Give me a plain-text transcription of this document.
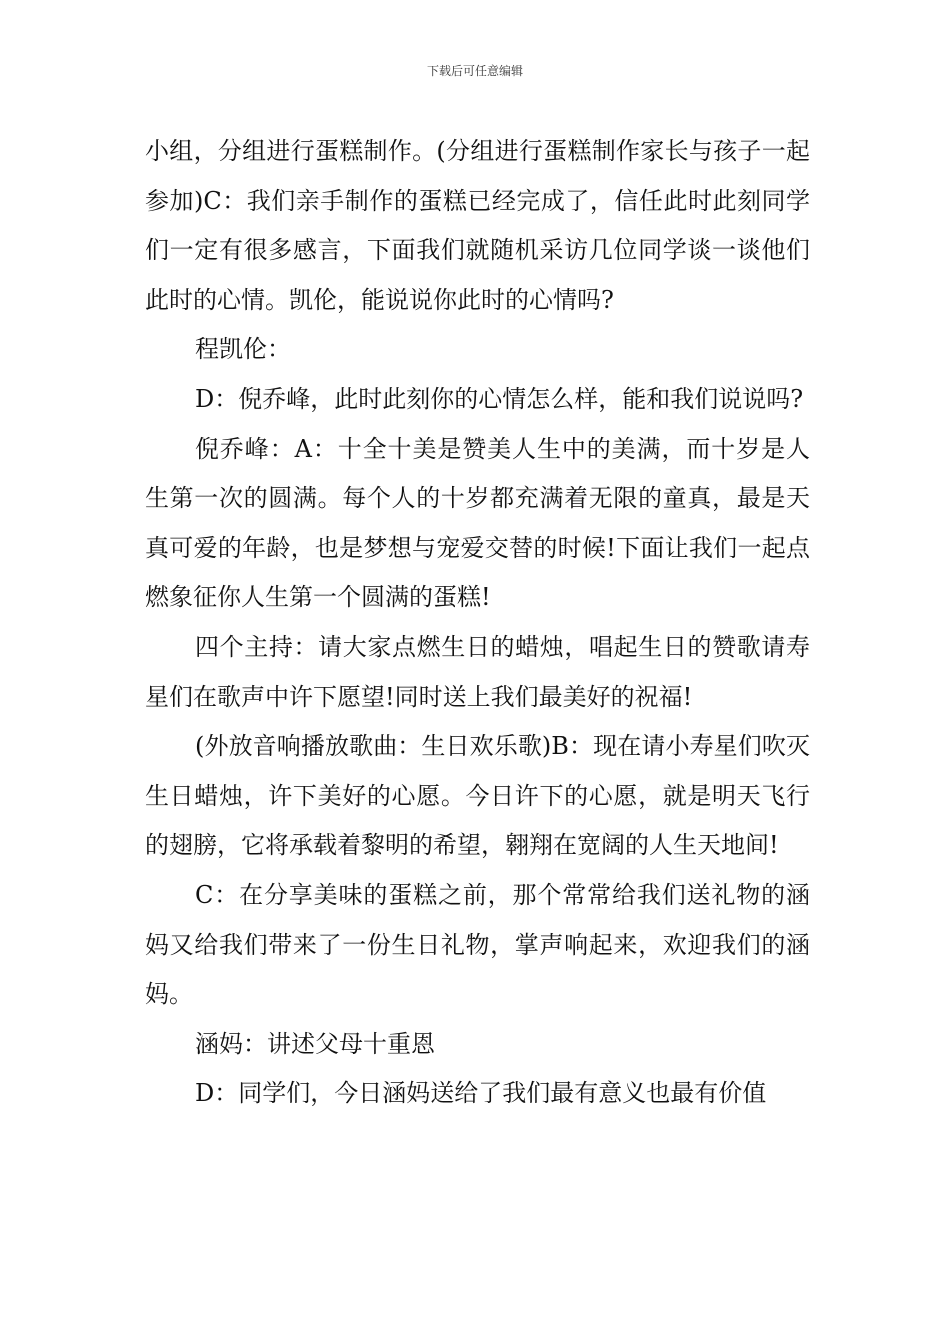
下载后可任意编辑

小组，分组进行蛋糕制作。(分组进行蛋糕制作家长与孩子一起参加)C：我们亲手制作的蛋糕已经完成了，信任此时此刻同学们一定有很多感言，下面我们就随机采访几位同学谈一谈他们此时的心情。凯伦，能说说你此时的心情吗?

程凯伦：

D：倪乔峰，此时此刻你的心情怎么样，能和我们说说吗?

倪乔峰：A：十全十美是赞美人生中的美满，而十岁是人生第一次的圆满。每个人的十岁都充满着无限的童真，最是天真可爱的年龄，也是梦想与宠爱交替的时候!下面让我们一起点燃象征你人生第一个圆满的蛋糕!

四个主持：请大家点燃生日的蜡烛，唱起生日的赞歌请寿星们在歌声中许下愿望!同时送上我们最美好的祝福!

(外放音响播放歌曲：生日欢乐歌)B：现在请小寿星们吹灭生日蜡烛，许下美好的心愿。今日许下的心愿，就是明天飞行的翅膀，它将承载着黎明的希望，翱翔在宽阔的人生天地间!

C：在分享美味的蛋糕之前，那个常常给我们送礼物的涵妈又给我们带来了一份生日礼物，掌声响起来，欢迎我们的涵妈。

涵妈：讲述父母十重恩

D：同学们，今日涵妈送给了我们最有意义也最有价值
